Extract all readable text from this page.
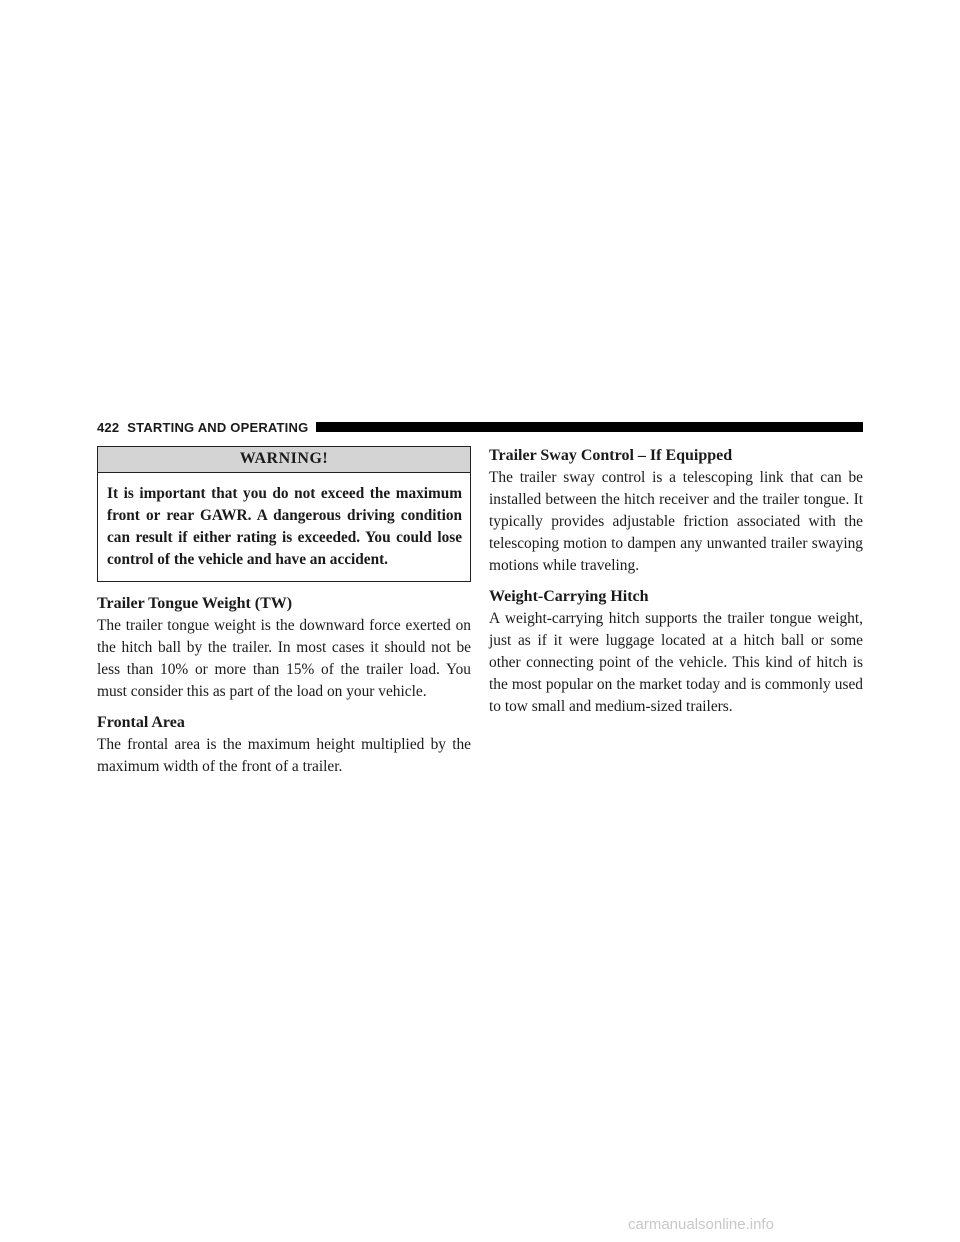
422 STARTING AND OPERATING
WARNING!
It is important that you do not exceed the maximum front or rear GAWR. A dangerous driving condition can result if either rating is exceeded. You could lose control of the vehicle and have an accident.
Trailer Tongue Weight (TW)

The trailer tongue weight is the downward force exerted on the hitch ball by the trailer. In most cases it should not be less than 10% or more than 15% of the trailer load. You must consider this as part of the load on your vehicle.

Frontal Area

The frontal area is the maximum height multiplied by the maximum width of the front of a trailer.

Trailer Sway Control – If Equipped

The trailer sway control is a telescoping link that can be installed between the hitch receiver and the trailer tongue. It typically provides adjustable friction associated with the telescoping motion to dampen any unwanted trailer swaying motions while traveling.

Weight-Carrying Hitch

A weight-carrying hitch supports the trailer tongue weight, just as if it were luggage located at a hitch ball or some other connecting point of the vehicle. This kind of hitch is the most popular on the market today and is commonly used to tow small and medium-sized trailers.

carmanualsonline.info
